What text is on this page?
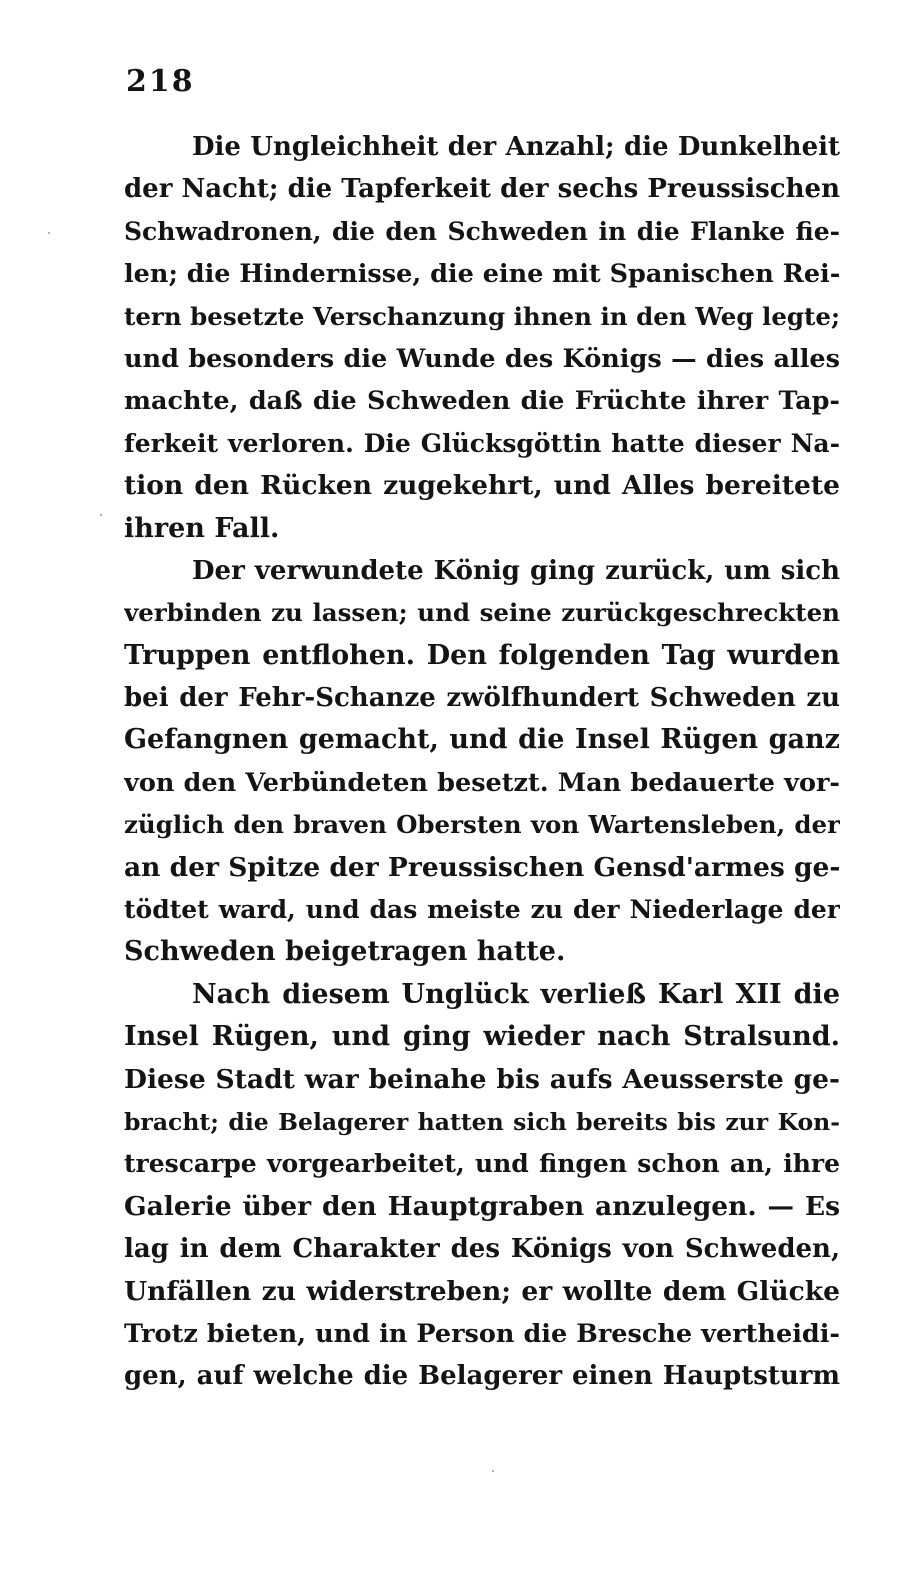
218
Die Ungleichheit der Anzahl; die Dunkelheit
der Nacht; die Tapferkeit der sechs Preussischen
Schwadronen, die den Schweden in die Flanke fie-
len; die Hindernisse, die eine mit Spanischen Rei-
tern besetzte Verschanzung ihnen in den Weg legte;
und besonders die Wunde des Königs — dies alles
machte, daß die Schweden die Früchte ihrer Tap-
ferkeit verloren. Die Glücksgöttin hatte dieser Na-
tion den Rücken zugekehrt, und Alles bereitete
ihren Fall.
Der verwundete König ging zurück, um sich
verbinden zu lassen; und seine zurückgeschreckten
Truppen entflohen. Den folgenden Tag wurden
bei der Fehr-Schanze zwölfhundert Schweden zu
Gefangnen gemacht, und die Insel Rügen ganz
von den Verbündeten besetzt. Man bedauerte vor-
züglich den braven Obersten von Wartensleben, der
an der Spitze der Preussischen Gensd'armes ge-
tödtet ward, und das meiste zu der Niederlage der
Schweden beigetragen hatte.
Nach diesem Unglück verließ Karl XII die
Insel Rügen, und ging wieder nach Stralsund.
Diese Stadt war beinahe bis aufs Aeusserste ge-
bracht; die Belagerer hatten sich bereits bis zur Kon-
trescarpe vorgearbeitet, und fingen schon an, ihre
Galerie über den Hauptgraben anzulegen. — Es
lag in dem Charakter des Königs von Schweden,
Unfällen zu widerstreben; er wollte dem Glücke
Trotz bieten, und in Person die Bresche vertheidi-
gen, auf welche die Belagerer einen Hauptsturm
